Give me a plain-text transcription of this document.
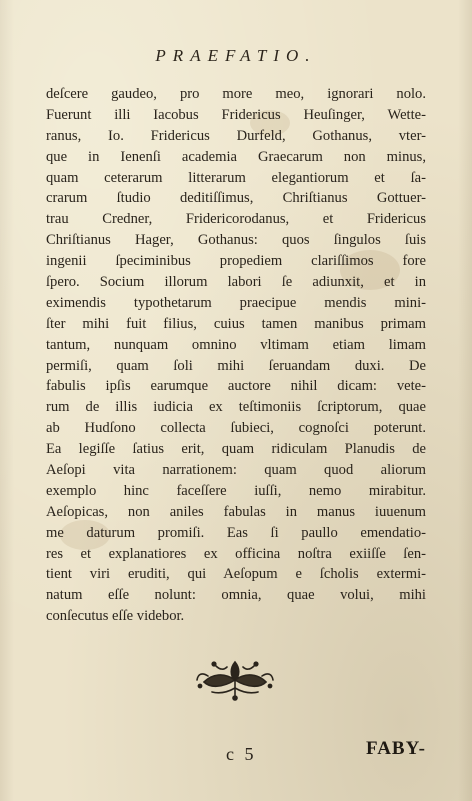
PRAEFATIO.
deſcere gaudeo, pro more meo, ignorari nolo.
Fuerunt illi Iacobus Fridericus Heuſinger, Wette-
ranus, Io. Fridericus Durfeld, Gothanus, vter-
que in Ienenſi academia Graecarum non minus,
quam ceterarum litterarum elegantiorum et ſa-
crarum ſtudio deditiſſimus, Chriſtianus Gottuer-
trau Credner, Fridericorodanus, et Fridericus
Chriſtianus Hager, Gothanus: quos ſingulos ſuis
ingenii ſpeciminibus propediem clariſſimos fore
ſpero. Socium illorum labori ſe adiunxit, et in
eximendis typothetarum praecipue mendis mini-
ſter mihi fuit filius, cuius tamen manibus primam
tantum, nunquam omnino vltimam etiam limam
permiſi, quam ſoli mihi ſeruandam duxi. De
fabulis ipſis earumque auctore nihil dicam: vete-
rum de illis iudicia ex teſtimoniis ſcriptorum, quae
ab Hudſono collecta ſubieci, cognoſci poterunt.
Ea legiſſe ſatius erit, quam ridiculam Planudis de
Aeſopi vita narrationem: quam quod aliorum
exemplo hinc faceſſere iuſſi, nemo mirabitur.
Aeſopicas, non aniles fabulas in manus iuuenum
me daturum promiſi. Eas ſi paullo emendatio-
res et explanatiores ex officina noſtra exiiſſe ſen-
tient viri eruditi, qui Aeſopum e ſcholis extermi-
natum eſſe nolunt: omnia, quae volui, mihi
conſecutus eſſe videbor.
c 5	FABY-
